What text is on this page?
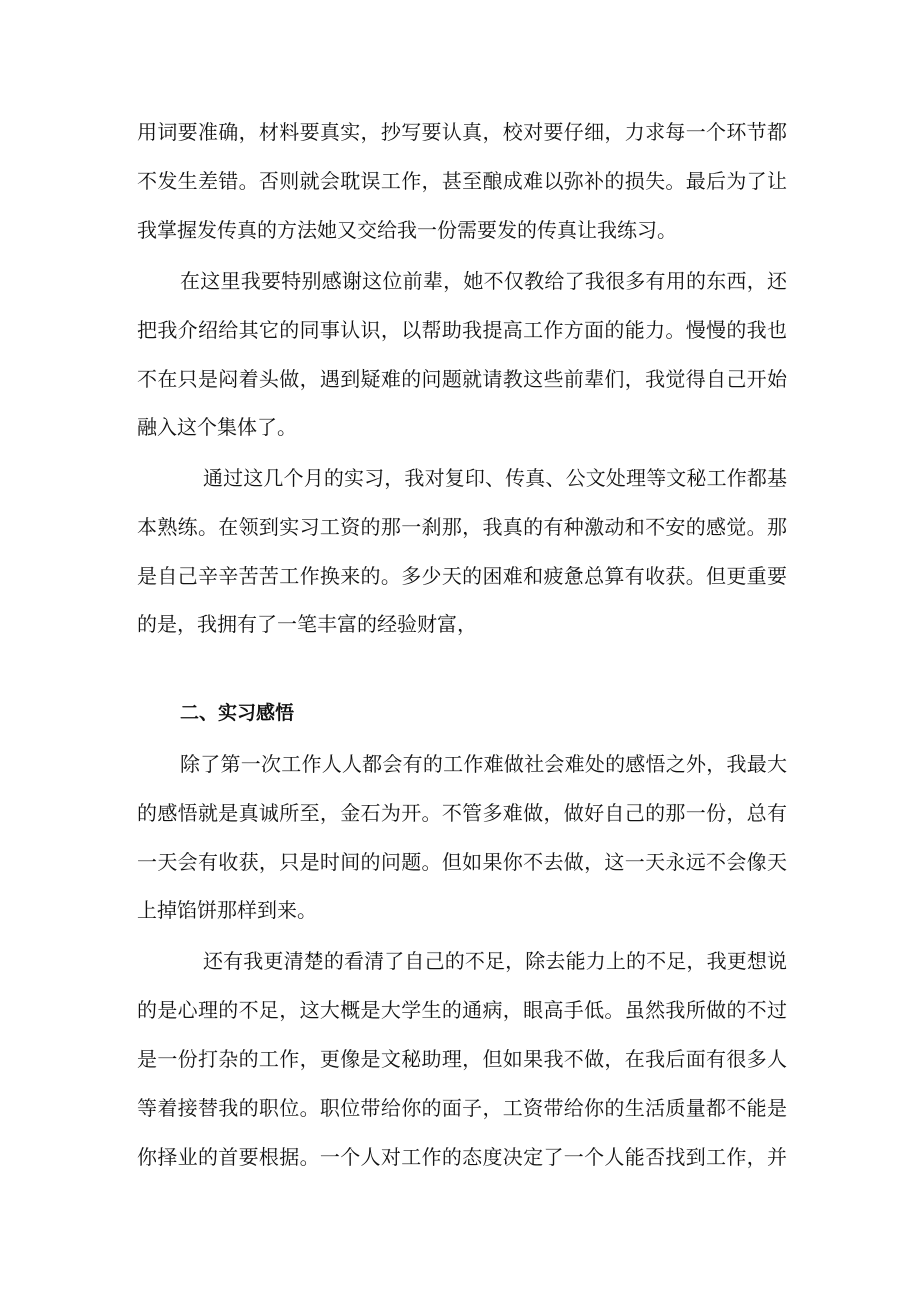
用词要准确，材料要真实，抄写要认真，校对要仔细，力求每一个环节都
不发生差错。否则就会耽误工作，甚至酿成难以弥补的损失。最后为了让
我掌握发传真的方法她又交给我一份需要发的传真让我练习。
在这里我要特别感谢这位前辈，她不仅教给了我很多有用的东西，还
把我介绍给其它的同事认识，以帮助我提高工作方面的能力。慢慢的我也
不在只是闷着头做，遇到疑难的问题就请教这些前辈们，我觉得自己开始
融入这个集体了。
通过这几个月的实习，我对复印、传真、公文处理等文秘工作都基
本熟练。在领到实习工资的那一刹那，我真的有种激动和不安的感觉。那
是自己辛辛苦苦工作换来的。多少天的困难和疲惫总算有收获。但更重要
的是，我拥有了一笔丰富的经验财富，
二、实习感悟
除了第一次工作人人都会有的工作难做社会难处的感悟之外，我最大
的感悟就是真诚所至，金石为开。不管多难做，做好自己的那一份，总有
一天会有收获，只是时间的问题。但如果你不去做，这一天永远不会像天
上掉馅饼那样到来。
还有我更清楚的看清了自己的不足，除去能力上的不足，我更想说
的是心理的不足，这大概是大学生的通病，眼高手低。虽然我所做的不过
是一份打杂的工作，更像是文秘助理，但如果我不做，在我后面有很多人
等着接替我的职位。职位带给你的面子，工资带给你的生活质量都不能是
你择业的首要根据。一个人对工作的态度决定了一个人能否找到工作，并
